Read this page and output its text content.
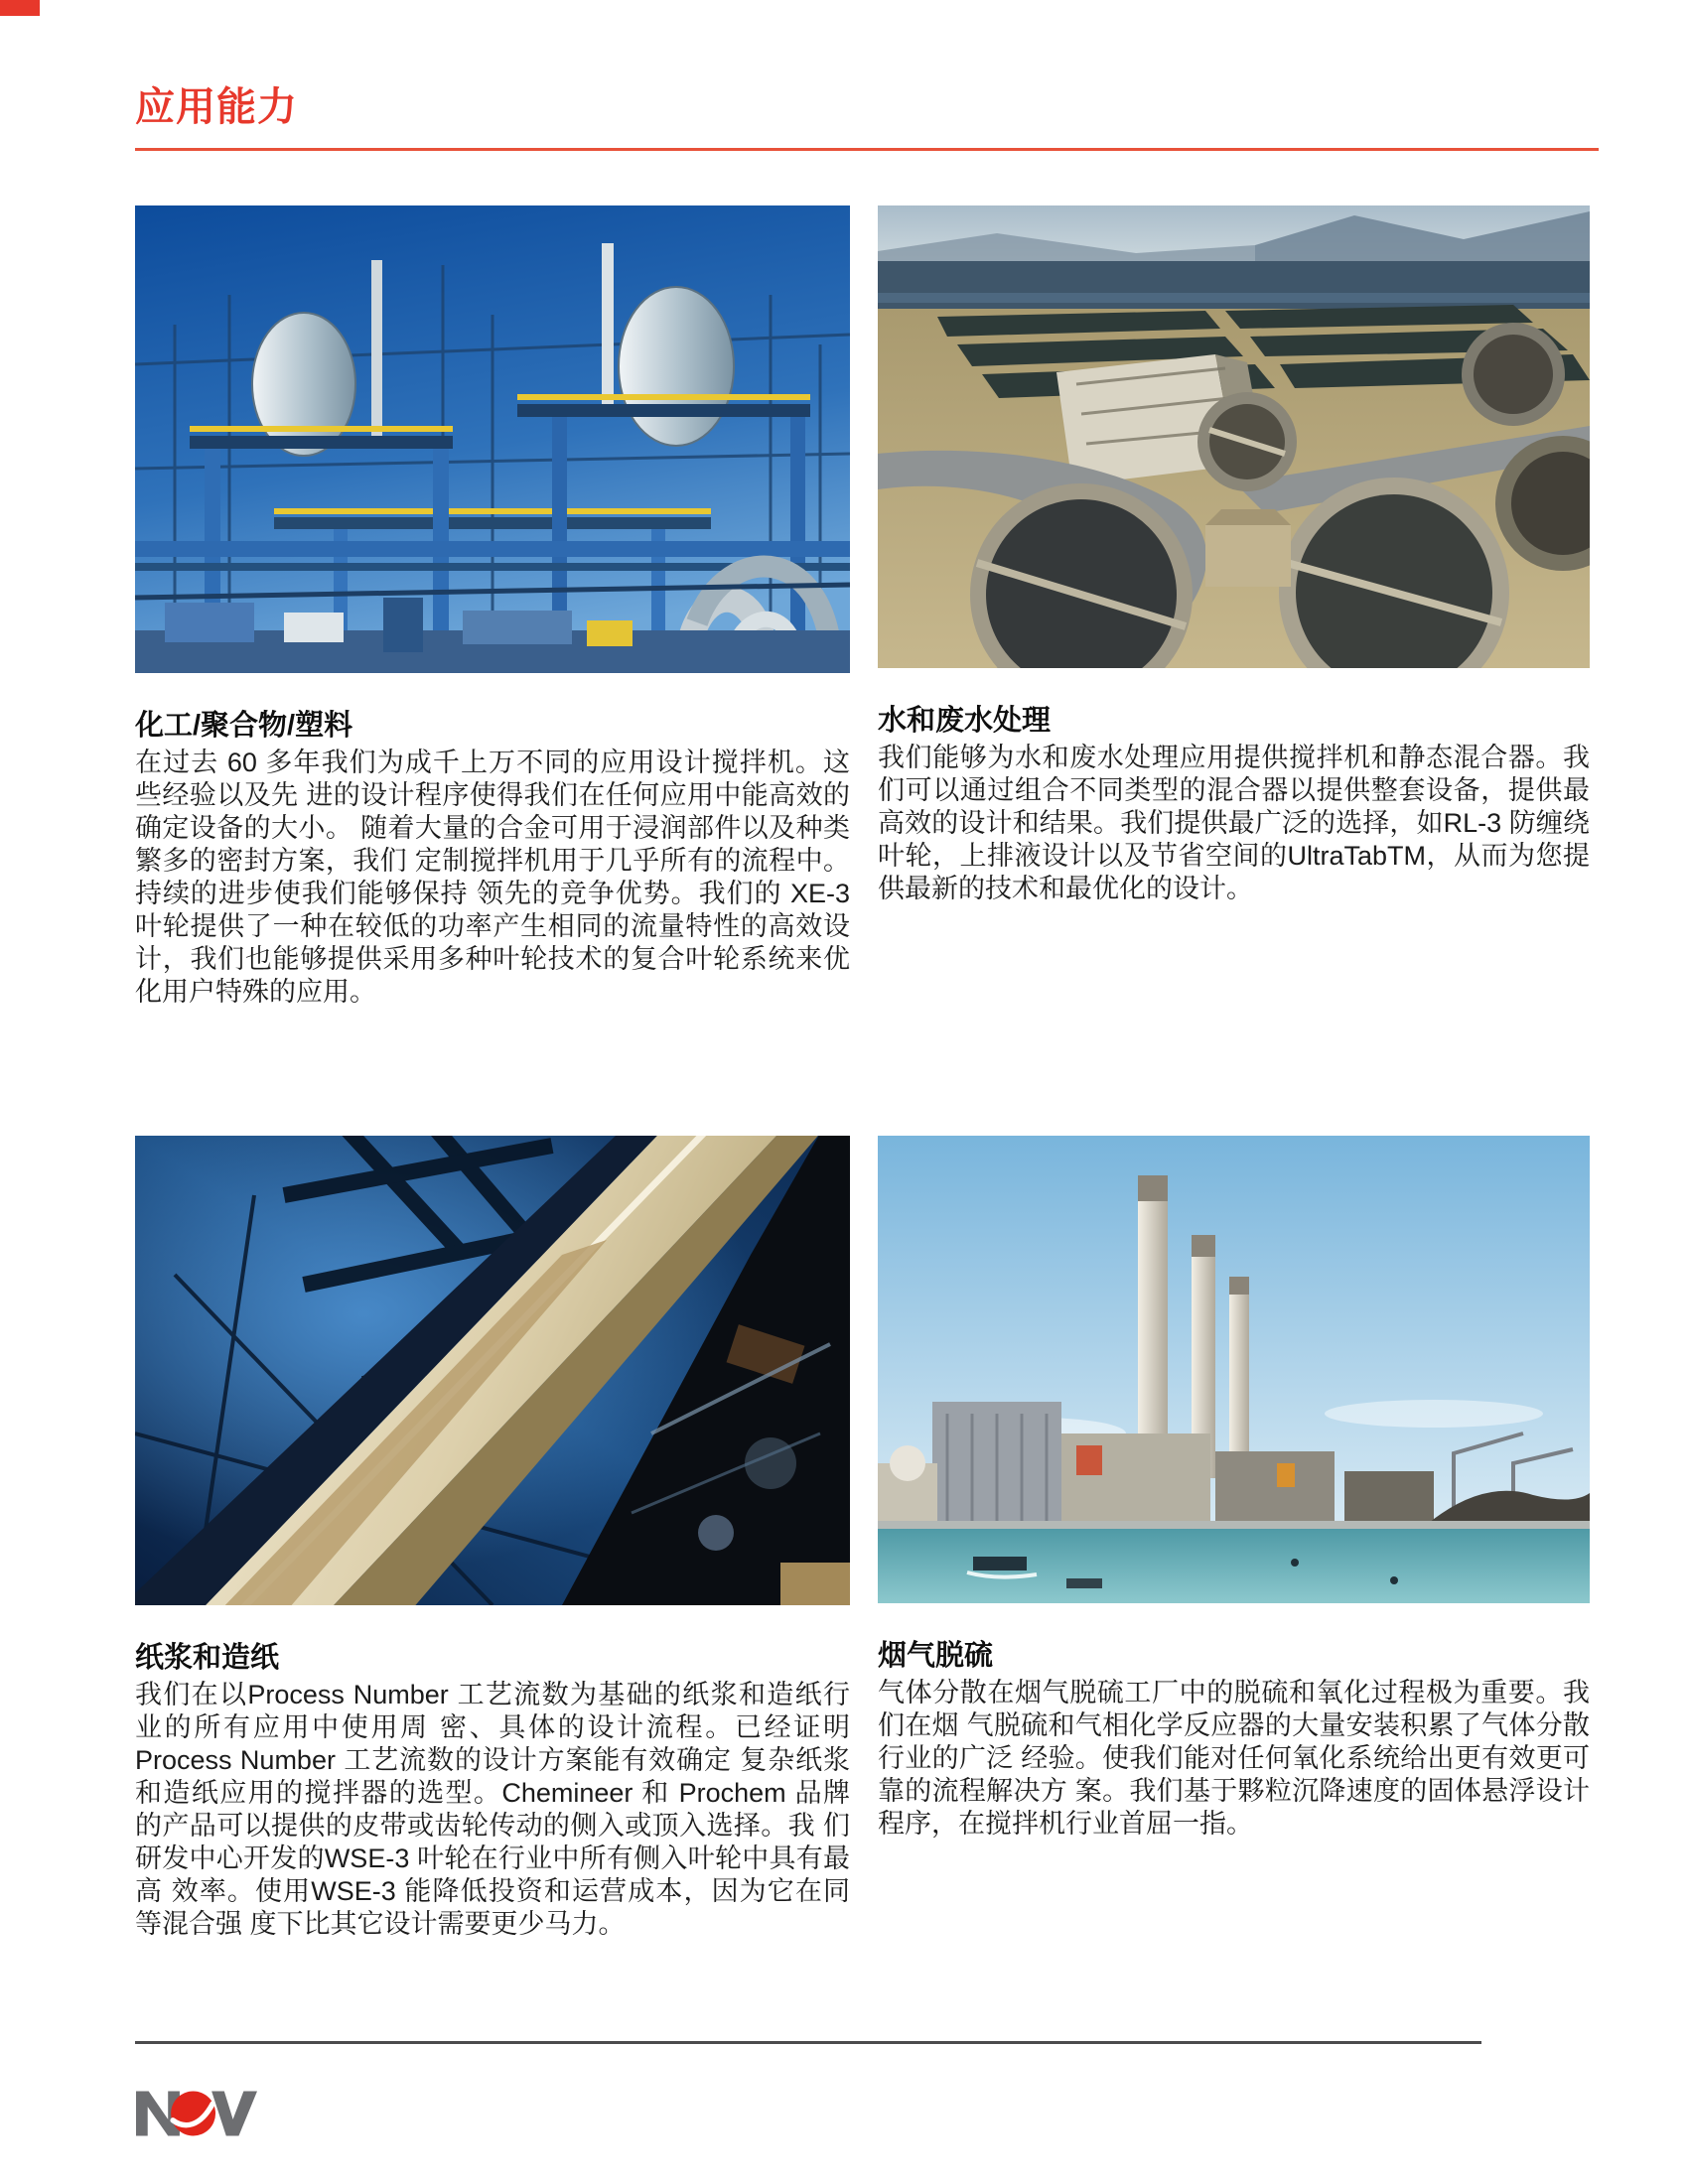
应用能力
化工/聚合物/塑料

在过去 60 多年我们为成千上万不同的应用设计搅拌机。这些经验以及先 进的设计程序使得我们在任何应用中能高效的确定设备的大小。 随着大量的合金可用于浸润部件以及种类繁多的密封方案，我们 定制搅拌机用于几乎所有的流程中。持续的进步使我们能够保持 领先的竞争优势。我们的 XE-3 叶轮提供了一种在较低的功率产生相同的流量特性的高效设计，我们也能够提供采用多种叶轮技术的复合叶轮系统来优化用户特殊的应用。

水和废水处理

我们能够为水和废水处理应用提供搅拌机和静态混合器。我们可以通过组合不同类型的混合器以提供整套设备，提供最高效的设计和结果。我们提供最广泛的选择，如RL-3 防缠绕叶轮，上排液设计以及节省空间的UltraTabTM，从而为您提供最新的技术和最优化的设计。

纸浆和造纸

我们在以Process Number 工艺流数为基础的纸浆和造纸行业的所有应用中使用周 密、具体的设计流程。已经证明Process Number 工艺流数的设计方案能有效确定 复杂纸浆和造纸应用的搅拌器的选型。Chemineer 和 Prochem 品牌的产品可以提供的皮带或齿轮传动的侧入或顶入选择。我 们研发中心开发的WSE-3 叶轮在行业中所有侧入叶轮中具有最高 效率。使用WSE-3 能降低投资和运营成本，因为它在同等混合强 度下比其它设计需要更少马力。

烟气脱硫

气体分散在烟气脱硫工厂中的脱硫和氧化过程极为重要。我们在烟 气脱硫和气相化学反应器的大量安装积累了气体分散行业的广泛 经验。使我们能对任何氧化系统给出更有效更可靠的流程解决方 案。我们基于夥粒沉降速度的固体悬浮设计程序，在搅拌机行业首屈一指。
